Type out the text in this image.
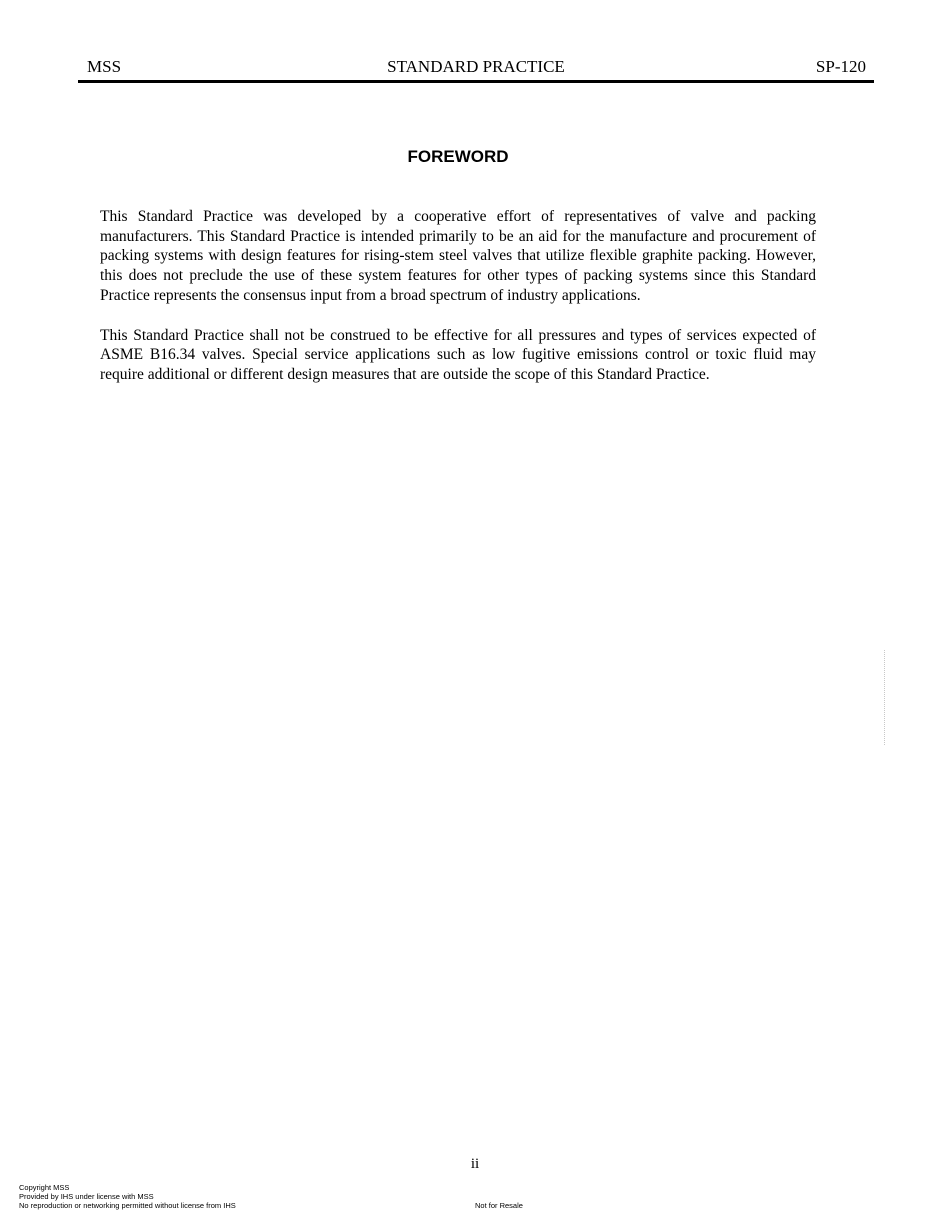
MSS	STANDARD PRACTICE	SP-120
FOREWORD

This Standard Practice was developed by a cooperative effort of representatives of valve and packing manufacturers. This Standard Practice is intended primarily to be an aid for the manufacture and procurement of packing systems with design features for rising-stem steel valves that utilize flexible graphite packing. However, this does not preclude the use of these system features for other types of packing systems since this Standard Practice represents the consensus input from a broad spectrum of industry applications.

This Standard Practice shall not be construed to be effective for all pressures and types of services expected of ASME B16.34 valves. Special service applications such as low fugitive emissions control or toxic fluid may require additional or different design measures that are outside the scope of this Standard Practice.

ii
Copyright MSS
Provided by IHS under license with MSS
No reproduction or networking permitted without license from IHS	Not for Resale
